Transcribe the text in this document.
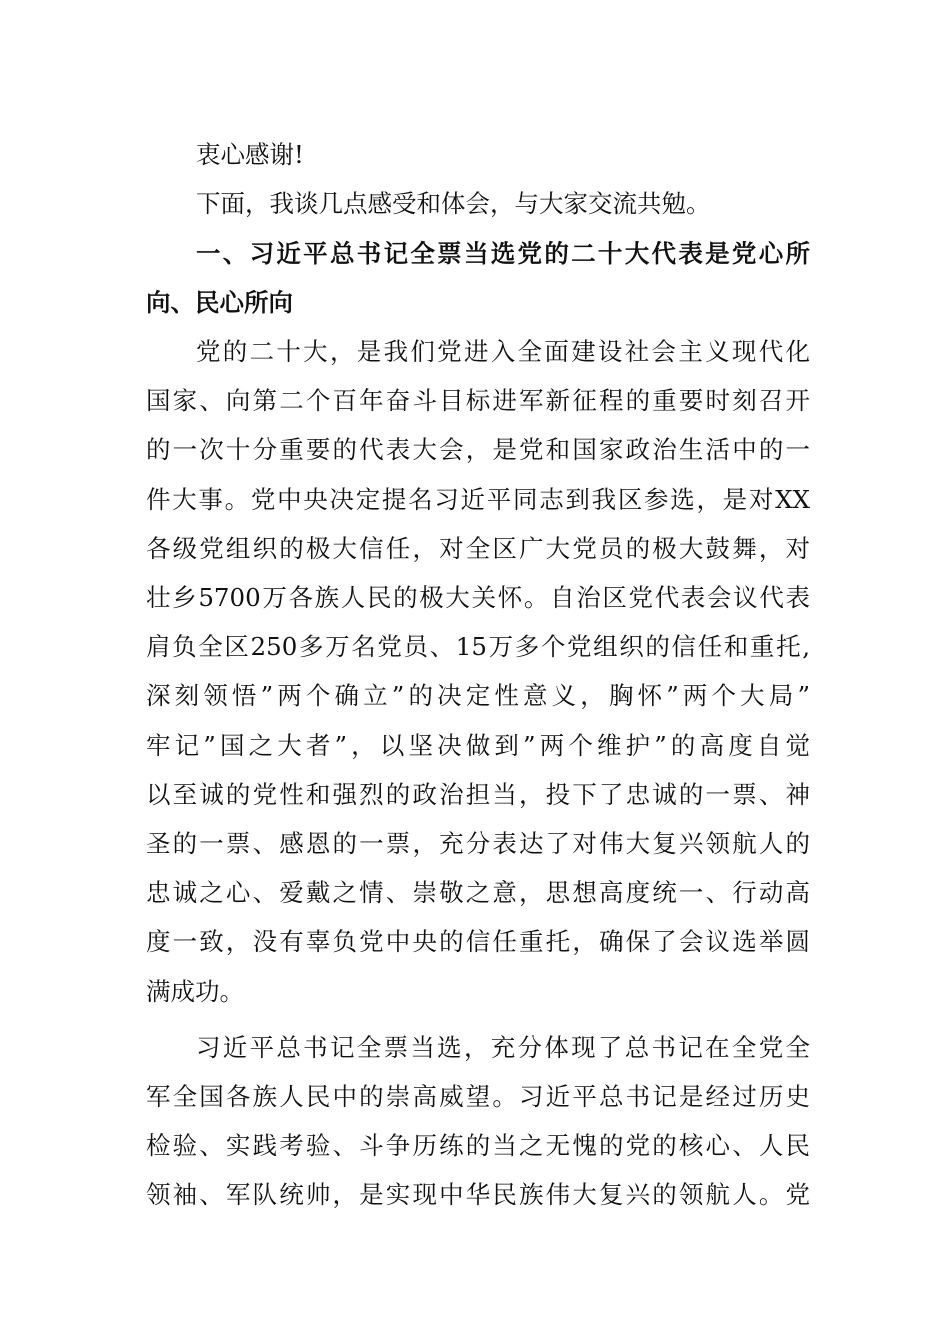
衷心感谢!
下面，我谈几点感受和体会，与大家交流共勉。
一、习近平总书记全票当选党的二十大代表是党心所
向、民心所向
党的二十大，是我们党进入全面建设社会主义现代化
国家、向第二个百年奋斗目标进军新征程的重要时刻召开
的一次十分重要的代表大会，是党和国家政治生活中的一
件大事。党中央决定提名习近平同志到我区参选，是对XX
各级党组织的极大信任，对全区广大党员的极大鼓舞，对
壮乡5700万各族人民的极大关怀。自治区党代表会议代表
肩负全区250多万名党员、15万多个党组织的信任和重托,
深刻领悟”两个确立”的决定性意义，胸怀”两个大局”
牢记”国之大者”，以坚决做到”两个维护”的高度自觉
以至诚的党性和强烈的政治担当，投下了忠诚的一票、神
圣的一票、感恩的一票，充分表达了对伟大复兴领航人的
忠诚之心、爱戴之情、崇敬之意，思想高度统一、行动高
度一致，没有辜负党中央的信任重托，确保了会议选举圆
满成功。
习近平总书记全票当选，充分体现了总书记在全党全
军全国各族人民中的崇高威望。习近平总书记是经过历史
检验、实践考验、斗争历练的当之无愧的党的核心、人民
领袖、军队统帅，是实现中华民族伟大复兴的领航人。党
